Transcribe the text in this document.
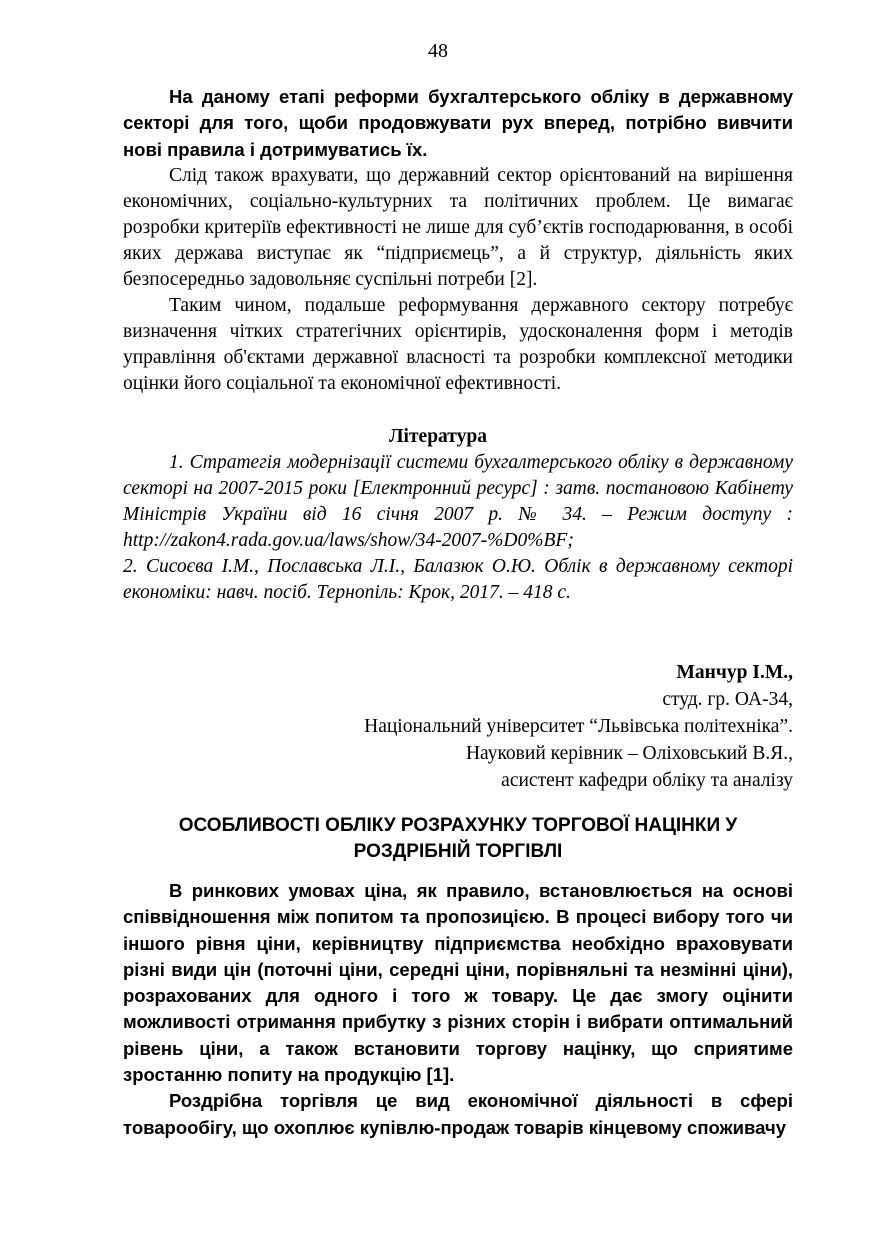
48

На даному етапі реформи бухгалтерського обліку в державному секторі для того, щоби продовжувати рух вперед, потрібно вивчити нові правила і дотримуватись їх.

Слід також врахувати, що державний сектор орієнтований на вирішення економічних, соціально-культурних та політичних проблем. Це вимагає розробки критеріїв ефективності не лише для суб’єктів господарювання, в особі яких держава виступає як “підприємець”, а й структур, діяльність яких безпосередньо задовольняє суспільні потреби [2].

Таким чином, подальше реформування державного сектору потребує визначення чітких стратегічних орієнтирів, удосконалення форм і методів управління об'єктами державної власності та розробки комплексної методики оцінки його соціальної та економічної ефективності.

Література

1. Стратегія модернізації системи бухгалтерського обліку в державному секторі на 2007-2015 роки [Електронний ресурс] : затв. постановою Кабінету Міністрів України від 16 січня 2007 р. № 34. – Режим доступу : http://zakon4.rada.gov.ua/laws/show/34-2007-%D0%BF;

2. Сисоєва І.М., Пославська Л.І., Балазюк О.Ю. Облік в державному секторі економіки: навч. посіб. Тернопіль: Крок, 2017. – 418 с.

Манчур І.М.,
студ. гр. ОА-34,
Національний університет “Львівська політехніка”.
Науковий керівник – Оліховський В.Я.,
асистент кафедри обліку та аналізу
ОСОБЛИВОСТІ ОБЛІКУ РОЗРАХУНКУ ТОРГОВОЇ НАЦІНКИ У РОЗДРІБНІЙ ТОРГІВЛІ

В ринкових умовах ціна, як правило, встановлюється на основі співвідношення між попитом та пропозицією. В процесі вибору того чи іншого рівня ціни, керівництву підприємства необхідно враховувати різні види цін (поточні ціни, середні ціни, порівняльні та незмінні ціни), розрахованих для одного і того ж товару. Це дає змогу оцінити можливості отримання прибутку з різних сторін і вибрати оптимальний рівень ціни, а також встановити торгову націнку, що сприятиме зростанню попиту на продукцію [1].

Роздрібна торгівля це вид економічної діяльності в сфері товарообігу, що охоплює купівлю-продаж товарів кінцевому споживачу
